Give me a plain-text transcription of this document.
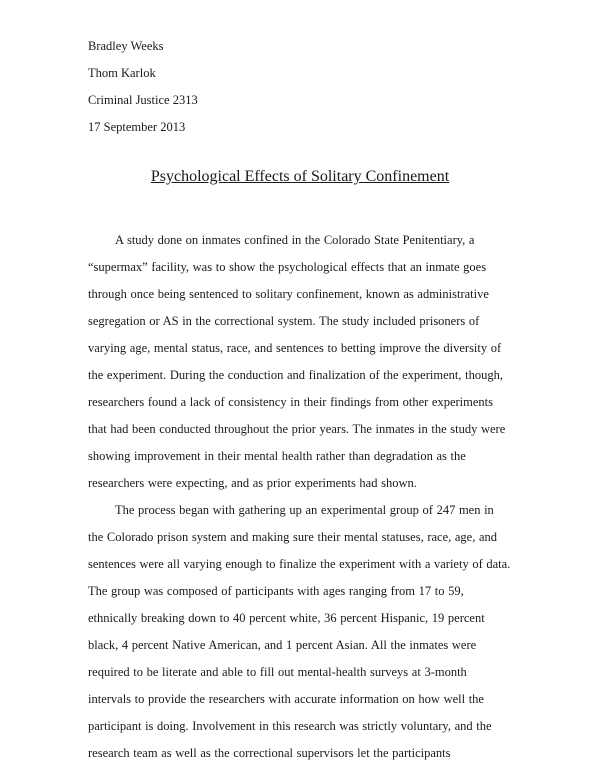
Bradley Weeks
Thom Karlok
Criminal Justice 2313
17 September 2013
Psychological Effects of Solitary Confinement

A study done on inmates confined in the Colorado State Penitentiary, a “supermax” facility, was to show the psychological effects that an inmate goes through once being sentenced to solitary confinement, known as administrative segregation or AS in the correctional system. The study included prisoners of varying age, mental status, race, and sentences to betting improve the diversity of the experiment. During the conduction and finalization of the experiment, though, researchers found a lack of consistency in their findings from other experiments that had been conducted throughout the prior years. The inmates in the study were showing improvement in their mental health rather than degradation as the researchers were expecting, and as prior experiments had shown.

The process began with gathering up an experimental group of 247 men in the Colorado prison system and making sure their mental statuses, race, age, and sentences were all varying enough to finalize the experiment with a variety of data. The group was composed of participants with ages ranging from 17 to 59, ethnically breaking down to 40 percent white, 36 percent Hispanic, 19 percent black, 4 percent Native American, and 1 percent Asian. All the inmates were required to be literate and able to fill out mental-health surveys at 3-month intervals to provide the researchers with accurate information on how well the participant is doing. Involvement in this research was strictly voluntary, and the research team as well as the correctional supervisors let the participants
